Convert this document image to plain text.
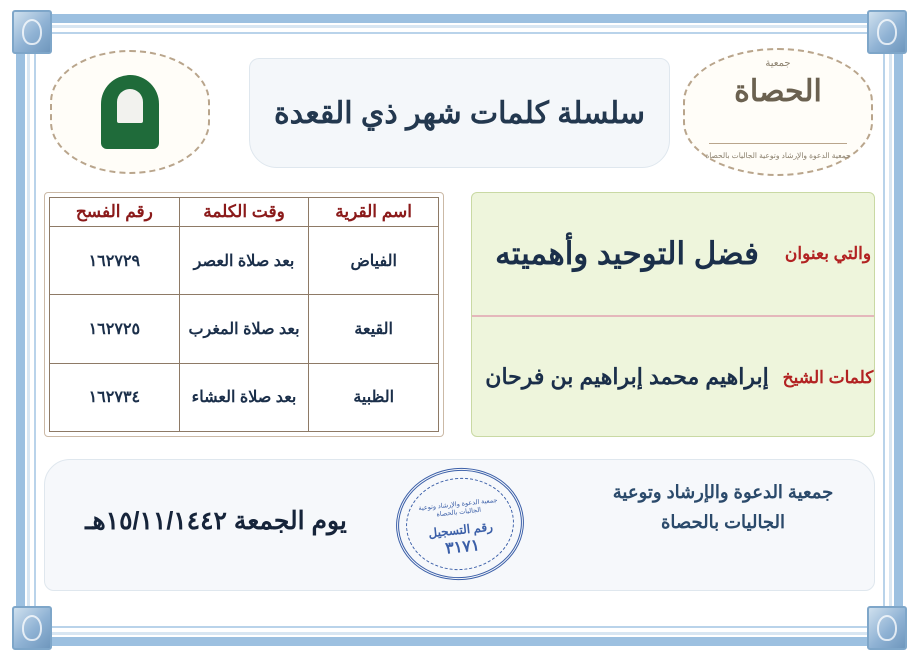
جمعية
الحصاة
جمعية الدعوة والإرشاد وتوعية الجاليات بالحصاة
سلسلة كلمات شهر ذي القعدة
والتي بعنوان
فضل التوحيد وأهميته
كلمات الشيخ
إبراهيم محمد إبراهيم بن فرحان
اسم القرية	وقت الكلمة	رقم الفسح
الفياض	بعد صلاة العصر	١٦٢٧٢٩
القيعة	بعد صلاة المغرب	١٦٢٧٢٥
الظبية	بعد صلاة العشاء	١٦٢٧٣٤
جمعية الدعوة والإرشاد وتوعية الجاليات بالحصاة
جمعية الدعوة والإرشاد وتوعية الجاليات بالحصاة
رقم التسجيل
٣١٧١
يوم الجمعة ١٥/١١/١٤٤٢هـ
